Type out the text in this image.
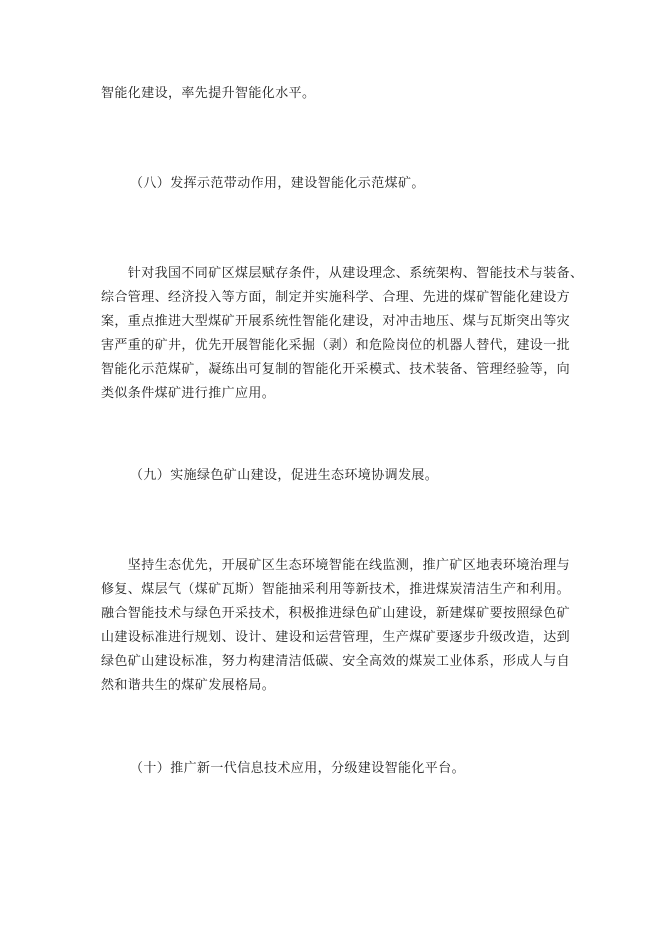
智能化建设，率先提升智能化水平。

（八）发挥示范带动作用，建设智能化示范煤矿。

　　针对我国不同矿区煤层赋存条件，从建设理念、系统架构、智能技术与装备、

综合管理、经济投入等方面，制定并实施科学、合理、先进的煤矿智能化建设方

案，重点推进大型煤矿开展系统性智能化建设，对冲击地压、煤与瓦斯突出等灾

害严重的矿井，优先开展智能化采掘（剥）和危险岗位的机器人替代，建设一批

智能化示范煤矿，凝练出可复制的智能化开采模式、技术装备、管理经验等，向

类似条件煤矿进行推广应用。

（九）实施绿色矿山建设，促进生态环境协调发展。

　　坚持生态优先，开展矿区生态环境智能在线监测，推广矿区地表环境治理与

修复、煤层气（煤矿瓦斯）智能抽采利用等新技术，推进煤炭清洁生产和利用。

融合智能技术与绿色开采技术，积极推进绿色矿山建设，新建煤矿要按照绿色矿

山建设标准进行规划、设计、建设和运营管理，生产煤矿要逐步升级改造，达到

绿色矿山建设标准，努力构建清洁低碳、安全高效的煤炭工业体系，形成人与自

然和谐共生的煤矿发展格局。

（十）推广新一代信息技术应用，分级建设智能化平台。
